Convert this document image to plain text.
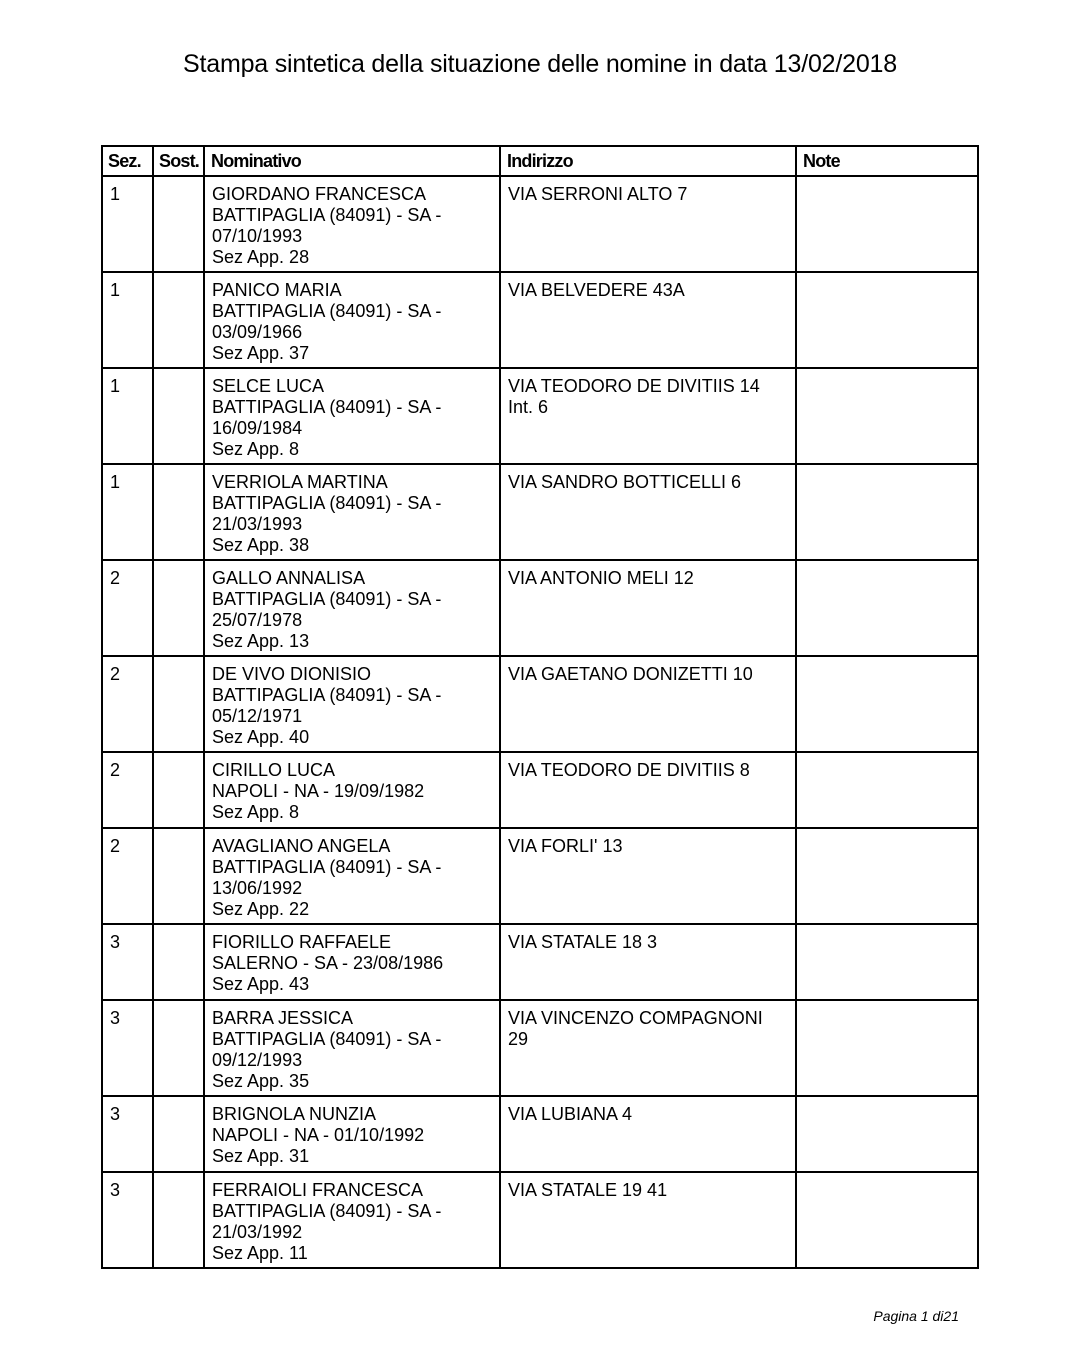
Stampa sintetica della situazione delle nomine in data 13/02/2018
Sez.	Sost.	Nominativo	Indirizzo	Note
1		GIORDANO FRANCESCA
BATTIPAGLIA (84091) - SA -
07/10/1993
Sez App. 28	VIA SERRONI ALTO 7	

1		PANICO MARIA
BATTIPAGLIA (84091) - SA -
03/09/1966
Sez App. 37	VIA BELVEDERE 43A	

1		SELCE LUCA
BATTIPAGLIA (84091) - SA -
16/09/1984
Sez App. 8	VIA TEODORO DE DIVITIIS 14
Int. 6	

1		VERRIOLA MARTINA
BATTIPAGLIA (84091) - SA -
21/03/1993
Sez App. 38	VIA SANDRO BOTTICELLI 6	

2		GALLO ANNALISA
BATTIPAGLIA (84091) - SA -
25/07/1978
Sez App. 13	VIA ANTONIO MELI 12	

2		DE VIVO DIONISIO
BATTIPAGLIA (84091) - SA -
05/12/1971
Sez App. 40	VIA GAETANO DONIZETTI 10	

2		CIRILLO LUCA
NAPOLI - NA - 19/09/1982
Sez App. 8	VIA TEODORO DE DIVITIIS 8	

2		AVAGLIANO ANGELA
BATTIPAGLIA (84091) - SA -
13/06/1992
Sez App. 22	VIA FORLI' 13	

3		FIORILLO RAFFAELE
SALERNO - SA - 23/08/1986
Sez App. 43	VIA STATALE 18 3	

3		BARRA JESSICA
BATTIPAGLIA (84091) - SA -
09/12/1993
Sez App. 35	VIA VINCENZO COMPAGNONI
29	

3		BRIGNOLA NUNZIA
NAPOLI - NA - 01/10/1992
Sez App. 31	VIA LUBIANA 4	

3		FERRAIOLI FRANCESCA
BATTIPAGLIA (84091) - SA -
21/03/1992
Sez App. 11	VIA STATALE 19 41	

Pagina 1 di21
